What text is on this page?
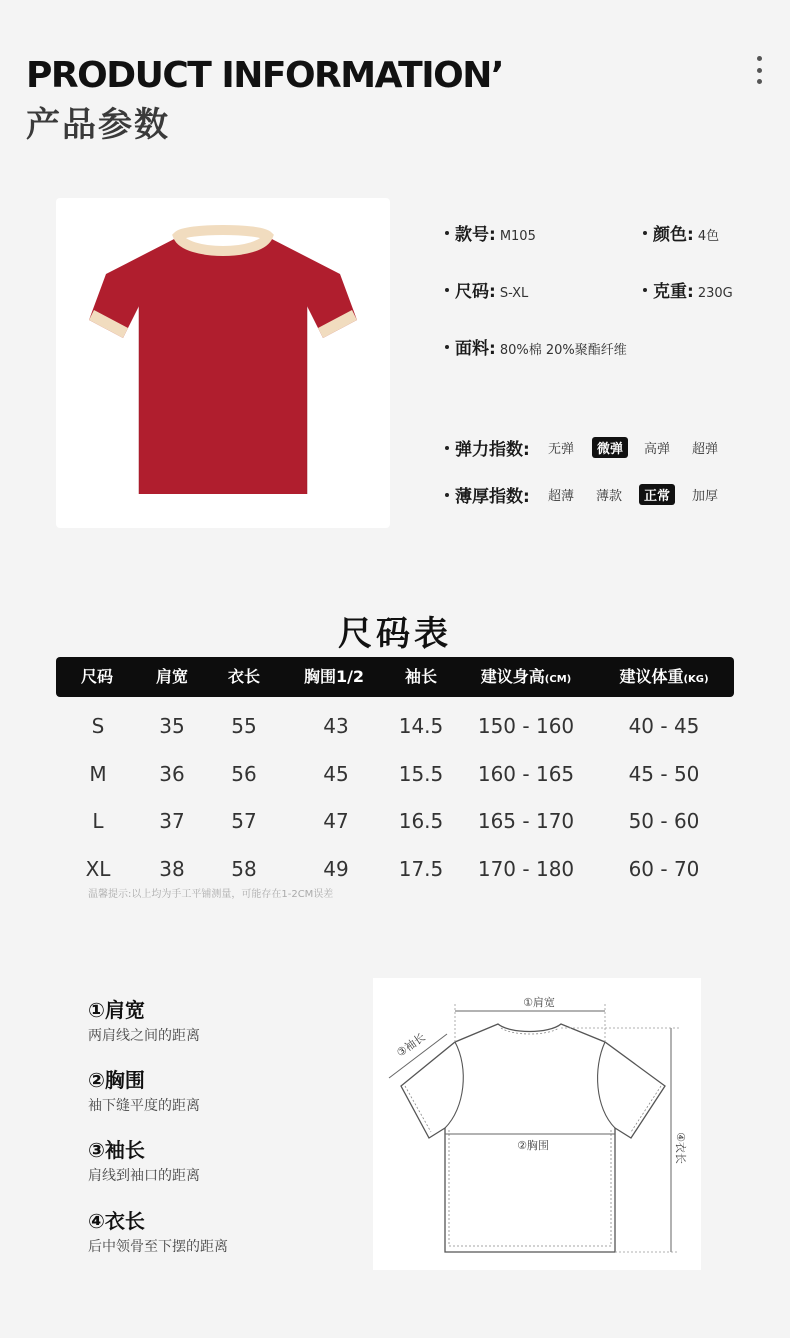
PRODUCT INFORMATION’
产品参数
款号: M105	颜色: 4色
尺码: S-XL	克重: 230G
面料: 80%棉 20%聚酯纤维
弹力指数: 无弹	微弹	高弹 超弹
薄厚指数: 超薄 薄款	正常	加厚
尺码表
尺码	肩宽	衣长	胸围1/2	袖长	建议身高(CM)	建议体重(KG)
S	35	55	43	14.5	150 - 160	40 - 45
M	36	56	45	15.5	160 - 165	45 - 50
L	37	57	47	16.5	165 - 170	50 - 60
XL	38	58	49	17.5	170 - 180	60 - 70
温馨提示:以上均为手工平铺测量，可能存在1-2CM误差
①肩宽
两肩线之间的距离
②胸围
袖下缝平度的距离
③袖长
肩线到袖口的距离
④衣长
后中领骨至下摆的距离
①肩宽
②胸围
③袖长
④衣长
